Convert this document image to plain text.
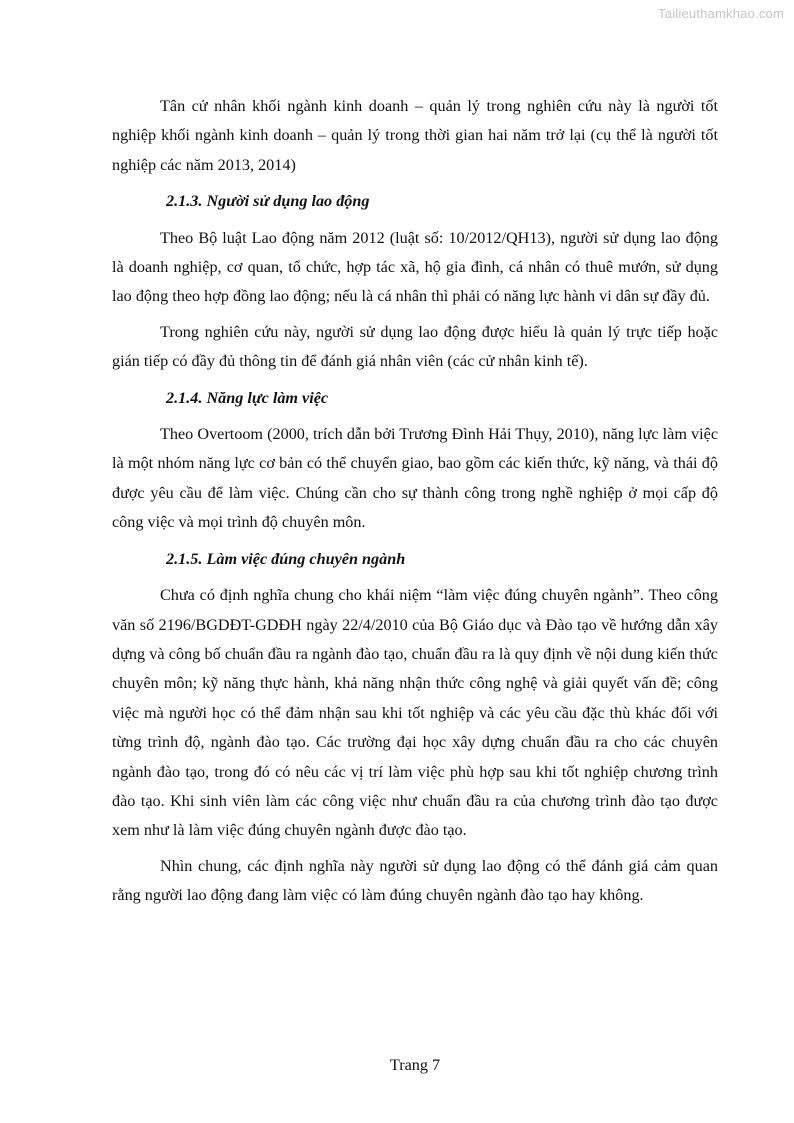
Tailieuthamkhao.com

Tân cử nhân khối ngành kinh doanh – quản lý trong nghiên cứu này là người tốt nghiệp khối ngành kinh doanh – quản lý trong thời gian hai năm trở lại (cụ thể là người tốt nghiệp các năm 2013, 2014)

2.1.3. Người sử dụng lao động

Theo Bộ luật Lao động năm 2012 (luật số: 10/2012/QH13), người sử dụng lao động là doanh nghiệp, cơ quan, tổ chức, hợp tác xã, hộ gia đình, cá nhân có thuê mướn, sử dụng lao động theo hợp đồng lao động; nếu là cá nhân thì phải có năng lực hành vi dân sự đầy đủ.

Trong nghiên cứu này, người sử dụng lao động được hiểu là quản lý trực tiếp hoặc gián tiếp có đầy đủ thông tin để đánh giá nhân viên (các cử nhân kinh tế).

2.1.4. Năng lực làm việc

Theo Overtoom (2000, trích dẫn bởi Trương Đình Hải Thụy, 2010), năng lực làm việc là một nhóm năng lực cơ bản có thể chuyển giao, bao gồm các kiến thức, kỹ năng, và thái độ được yêu cầu để làm việc. Chúng cần cho sự thành công trong nghề nghiệp ở mọi cấp độ công việc và mọi trình độ chuyên môn.

2.1.5. Làm việc đúng chuyên ngành

Chưa có định nghĩa chung cho khái niệm “làm việc đúng chuyên ngành”. Theo công văn số 2196/BGDĐT-GDĐH ngày 22/4/2010 của Bộ Giáo dục và Đào tạo về hướng dẫn xây dựng và công bố chuẩn đầu ra ngành đào tạo, chuẩn đầu ra là quy định về nội dung kiến thức chuyên môn; kỹ năng thực hành, khả năng nhận thức công nghệ và giải quyết vấn đề; công việc mà người học có thể đảm nhận sau khi tốt nghiệp và các yêu cầu đặc thù khác đối với từng trình độ, ngành đào tạo. Các trường đại học xây dựng chuẩn đầu ra cho các chuyên ngành đào tạo, trong đó có nêu các vị trí làm việc phù hợp sau khi tốt nghiệp chương trình đào tạo. Khi sinh viên làm các công việc như chuẩn đầu ra của chương trình đào tạo được xem như là làm việc đúng chuyên ngành được đào tạo.

Nhìn chung, các định nghĩa này người sử dụng lao động có thể đánh giá cảm quan rằng người lao động đang làm việc có làm đúng chuyên ngành đào tạo hay không.

Trang 7
